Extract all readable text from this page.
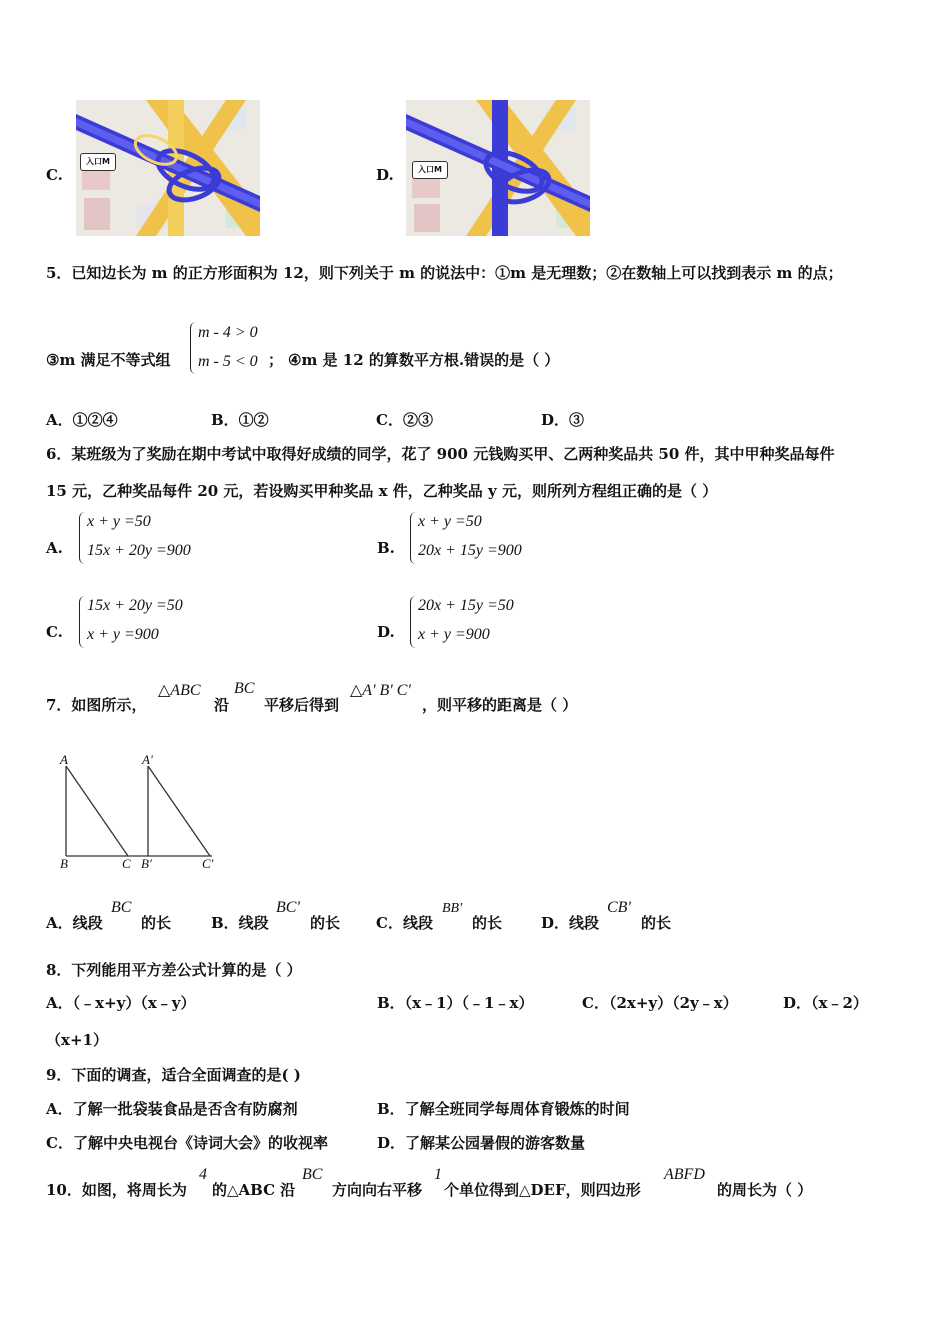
C.
入口M
D.	入口M
5．已知边长为 m 的正方形面积为 12，则下列关于 m 的说法中：①m 是无理数；②在数轴上可以找到表示 m 的点；
③m 满足不等式组
m - 4 > 0
m - 5 < 0 ； ④m 是 12 的算数平方根.错误的是（ ）
A．①②④	B．①②	C．②③	D．③
6．某班级为了奖励在期中考试中取得好成绩的同学，花了 900 元钱购买甲、乙两种奖品共 50 件，其中甲种奖品每件
15 元，乙种奖品每件 20 元，若设购买甲种奖品 x 件，乙种奖品 y 元，则所列方程组正确的是（ ）
A.
x + y =50
15x + 20y =900	B.
x + y =50
20x + 15y =900
C.
15x + 20y =50
x + y =900	D.
20x + 15y =50
x + y =900
7．如图所示，
△ABC
沿
BC
平移后得到
△A' B' C'
，则平移的距离是（ ）
A	A'
B	C B'	C'
A．线段
BC
的长	B．线段
BC'
的长 C．线段
BB'
的长	D．线段
CB'
的长
8．下列能用平方差公式计算的是（ ）
A．（﹣x+y）（x﹣y）	B．（x﹣1）（﹣1﹣x）	C．（2x+y）（2y﹣x）	D．（x﹣2）
（x+1）
9．下面的调查，适合全面调查的是( )
A．了解一批袋装食品是否含有防腐剂	B．了解全班同学每周体育锻炼的时间
C．了解中央电视台《诗词大会》的收视率	D．了解某公园暑假的游客数量
10．如图，将周长为
4
的△ABC 沿
BC
方向向右平移
1
个单位得到△DEF，则四边形
ABFD
的周长为（ ）
